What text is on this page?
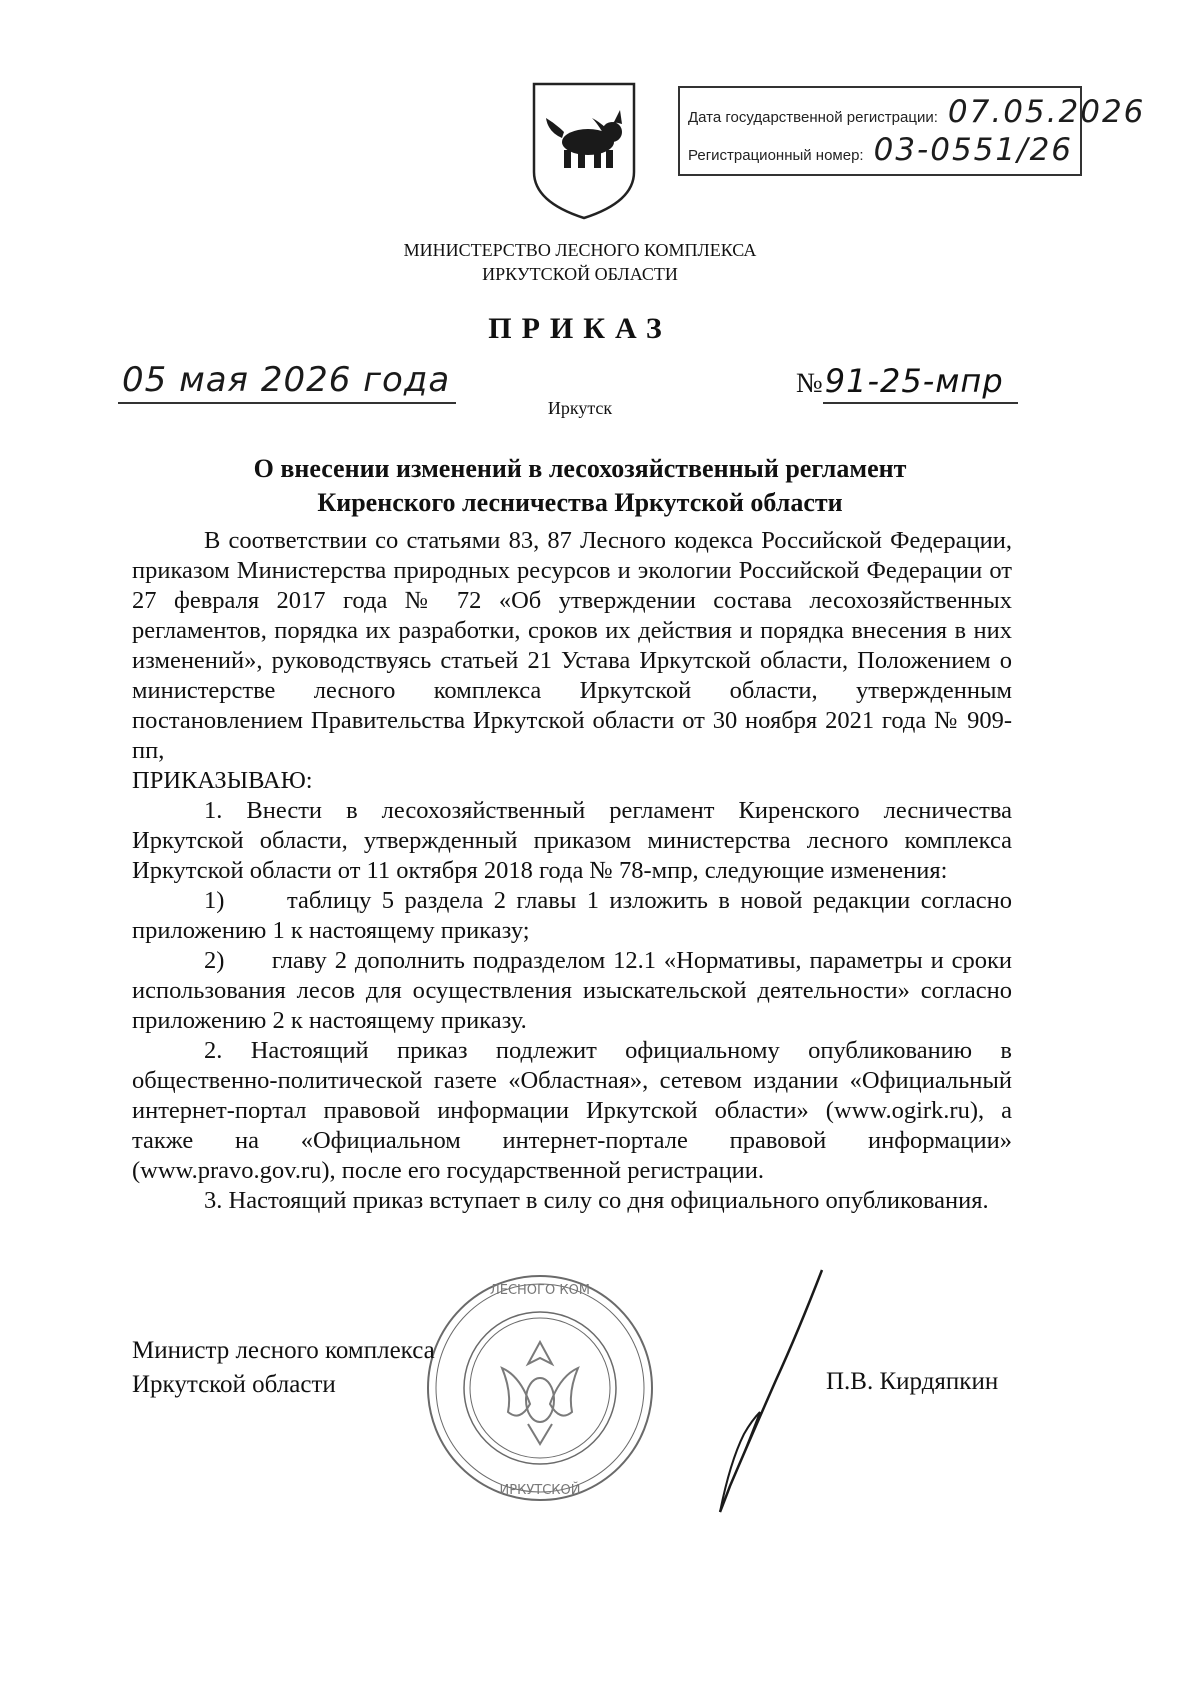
Дата государственной регистрации: 07.05.2026
Регистрационный номер: 03-0551/26
МИНИСТЕРСТВО ЛЕСНОГО КОМПЛЕКСА
ИРКУТСКОЙ ОБЛАСТИ
ПРИКАЗ
05 мая 2026 года	№91-25-мпр
Иркутск
О внесении изменений в лесохозяйственный регламент
Киренского лесничества Иркутской области

В соответствии со статьями 83, 87 Лесного кодекса Российской Федерации, приказом Министерства природных ресурсов и экологии Российской Федерации от 27 февраля 2017 года № 72 «Об утверждении состава лесохозяйственных регламентов, порядка их разработки, сроков их действия и порядка внесения в них изменений», руководствуясь статьей 21 Устава Иркутской области, Положением о министерстве лесного комплекса Иркутской области, утвержденным постановлением Правительства Иркутской области от 30 ноября 2021 года № 909-пп,

ПРИКАЗЫВАЮ:

1. Внести в лесохозяйственный регламент Киренского лесничества Иркутской области, утвержденный приказом министерства лесного комплекса Иркутской области от 11 октября 2018 года № 78-мпр, следующие изменения:

1)      таблицу 5 раздела 2 главы 1 изложить в новой редакции согласно приложению 1 к настоящему приказу;

2)      главу 2 дополнить подразделом 12.1 «Нормативы, параметры и сроки использования лесов для осуществления изыскательской деятельности» согласно приложению 2 к настоящему приказу.

2. Настоящий приказ подлежит официальному опубликованию в общественно-политической газете «Областная», сетевом издании «Официальный интернет-портал правовой информации Иркутской области» (www.ogirk.ru), а также на «Официальном интернет-портале правовой информации» (www.pravo.gov.ru), после его государственной регистрации.

3. Настоящий приказ вступает в силу со дня официального опубликования.

ЛЕСНОГО КОМ
ИРКУТСКОЙ
Министр лесного комплекса
Иркутской области	П.В. Кирдяпкин
